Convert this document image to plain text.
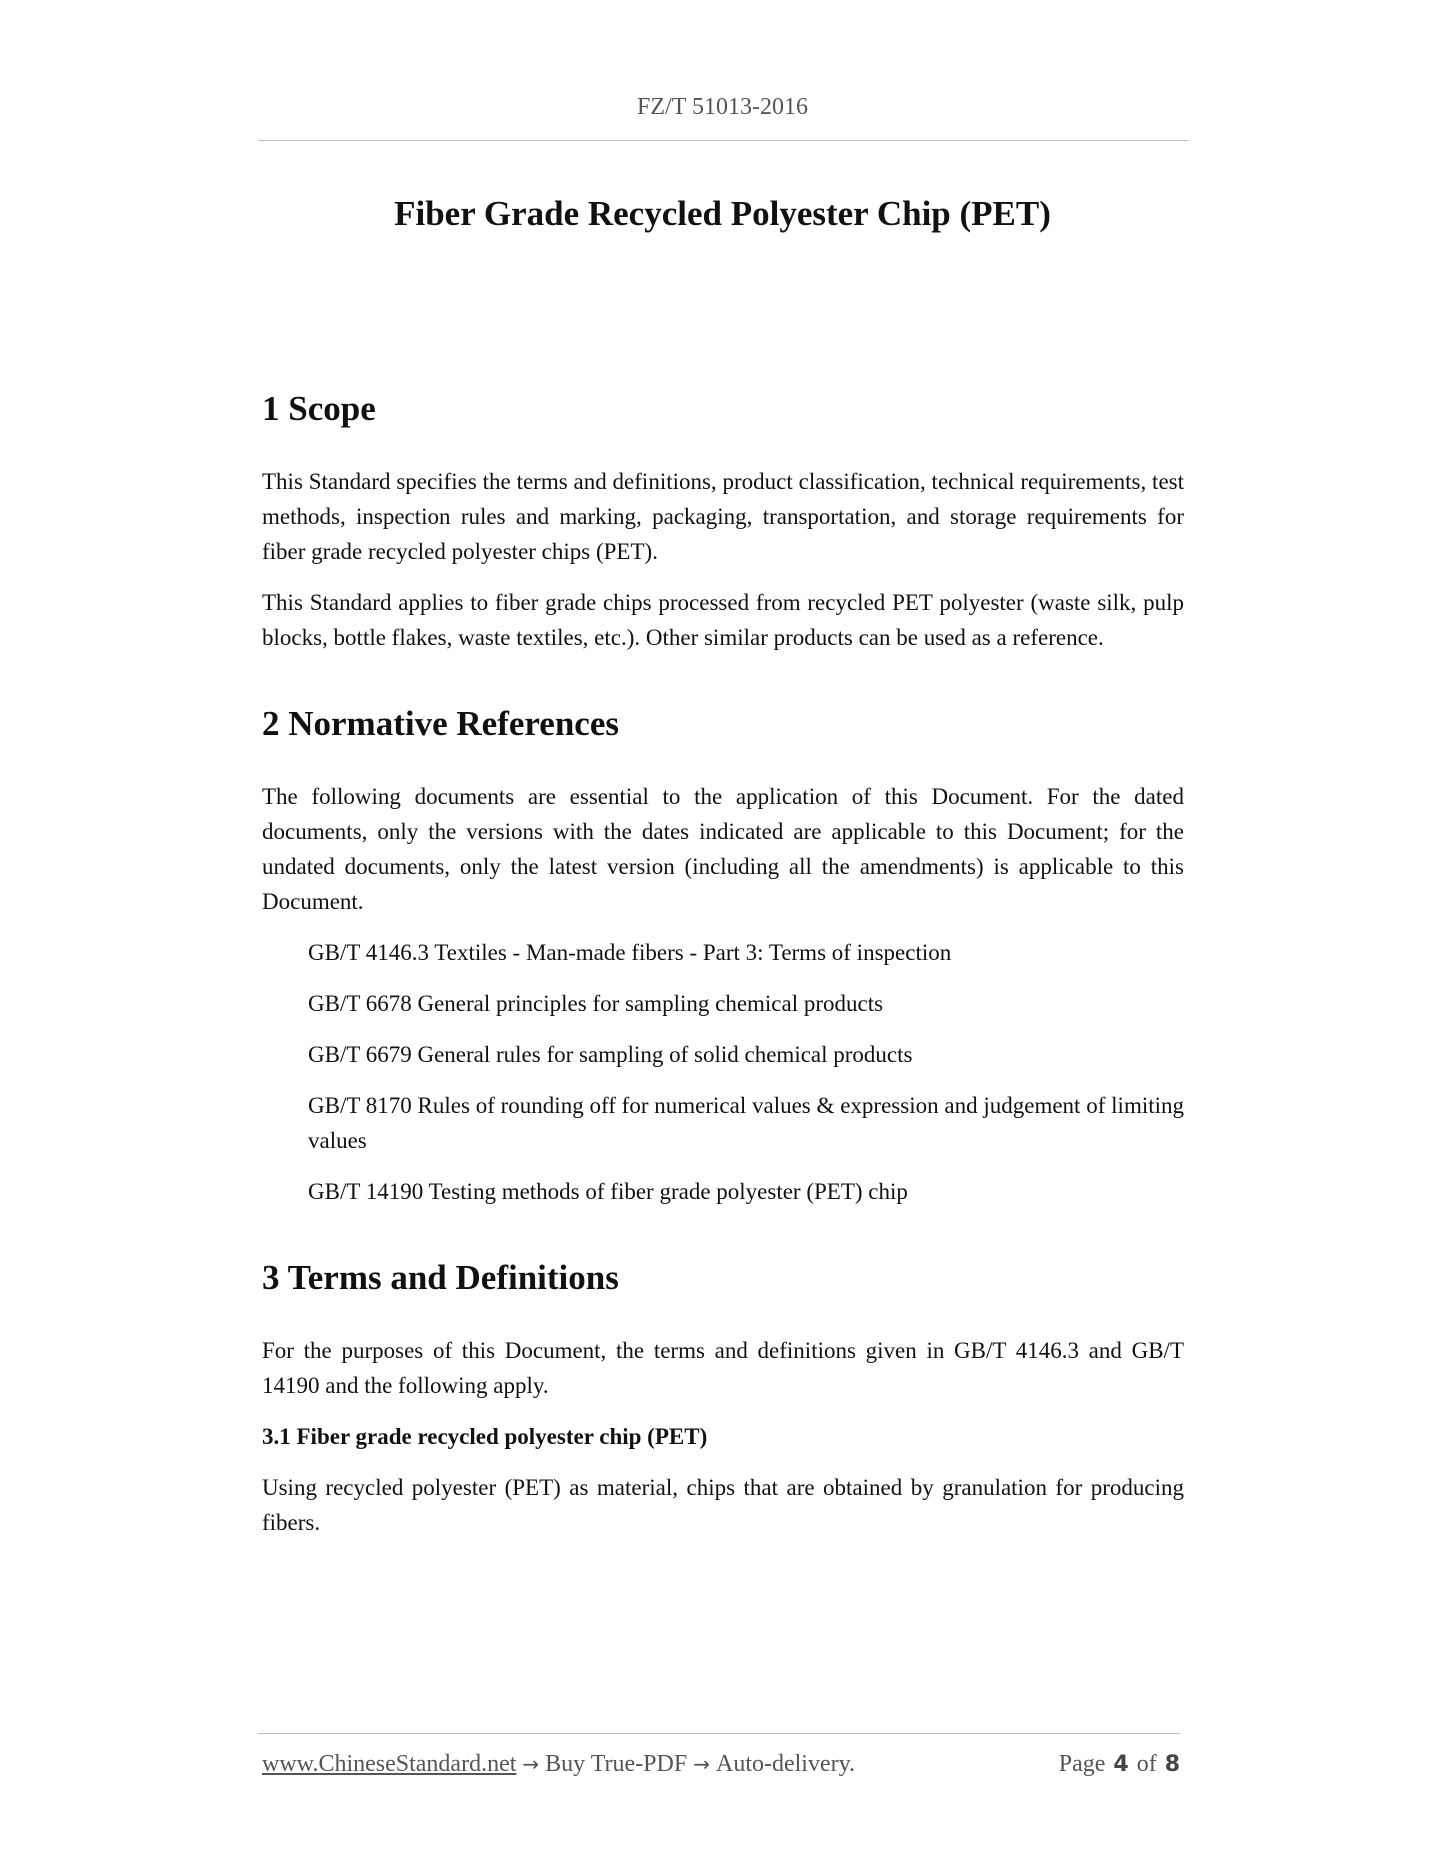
FZ/T 51013-2016
Fiber Grade Recycled Polyester Chip (PET)
1 Scope

This Standard specifies the terms and definitions, product classification, technical requirements, test methods, inspection rules and marking, packaging, transportation, and storage requirements for fiber grade recycled polyester chips (PET).

This Standard applies to fiber grade chips processed from recycled PET polyester (waste silk, pulp blocks, bottle flakes, waste textiles, etc.). Other similar products can be used as a reference.

2 Normative References

The following documents are essential to the application of this Document. For the dated documents, only the versions with the dates indicated are applicable to this Document; for the undated documents, only the latest version (including all the amendments) is applicable to this Document.

GB/T 4146.3 Textiles - Man-made fibers - Part 3: Terms of inspection
GB/T 6678 General principles for sampling chemical products
GB/T 6679 General rules for sampling of solid chemical products
GB/T 8170 Rules of rounding off for numerical values & expression and judgement of limiting values
GB/T 14190 Testing methods of fiber grade polyester (PET) chip
3 Terms and Definitions

For the purposes of this Document, the terms and definitions given in GB/T 4146.3 and GB/T 14190 and the following apply.

3.1 Fiber grade recycled polyester chip (PET)

Using recycled polyester (PET) as material, chips that are obtained by granulation for producing fibers.

www.ChineseStandard.net → Buy True-PDF → Auto-delivery.	Page 4 of 8
